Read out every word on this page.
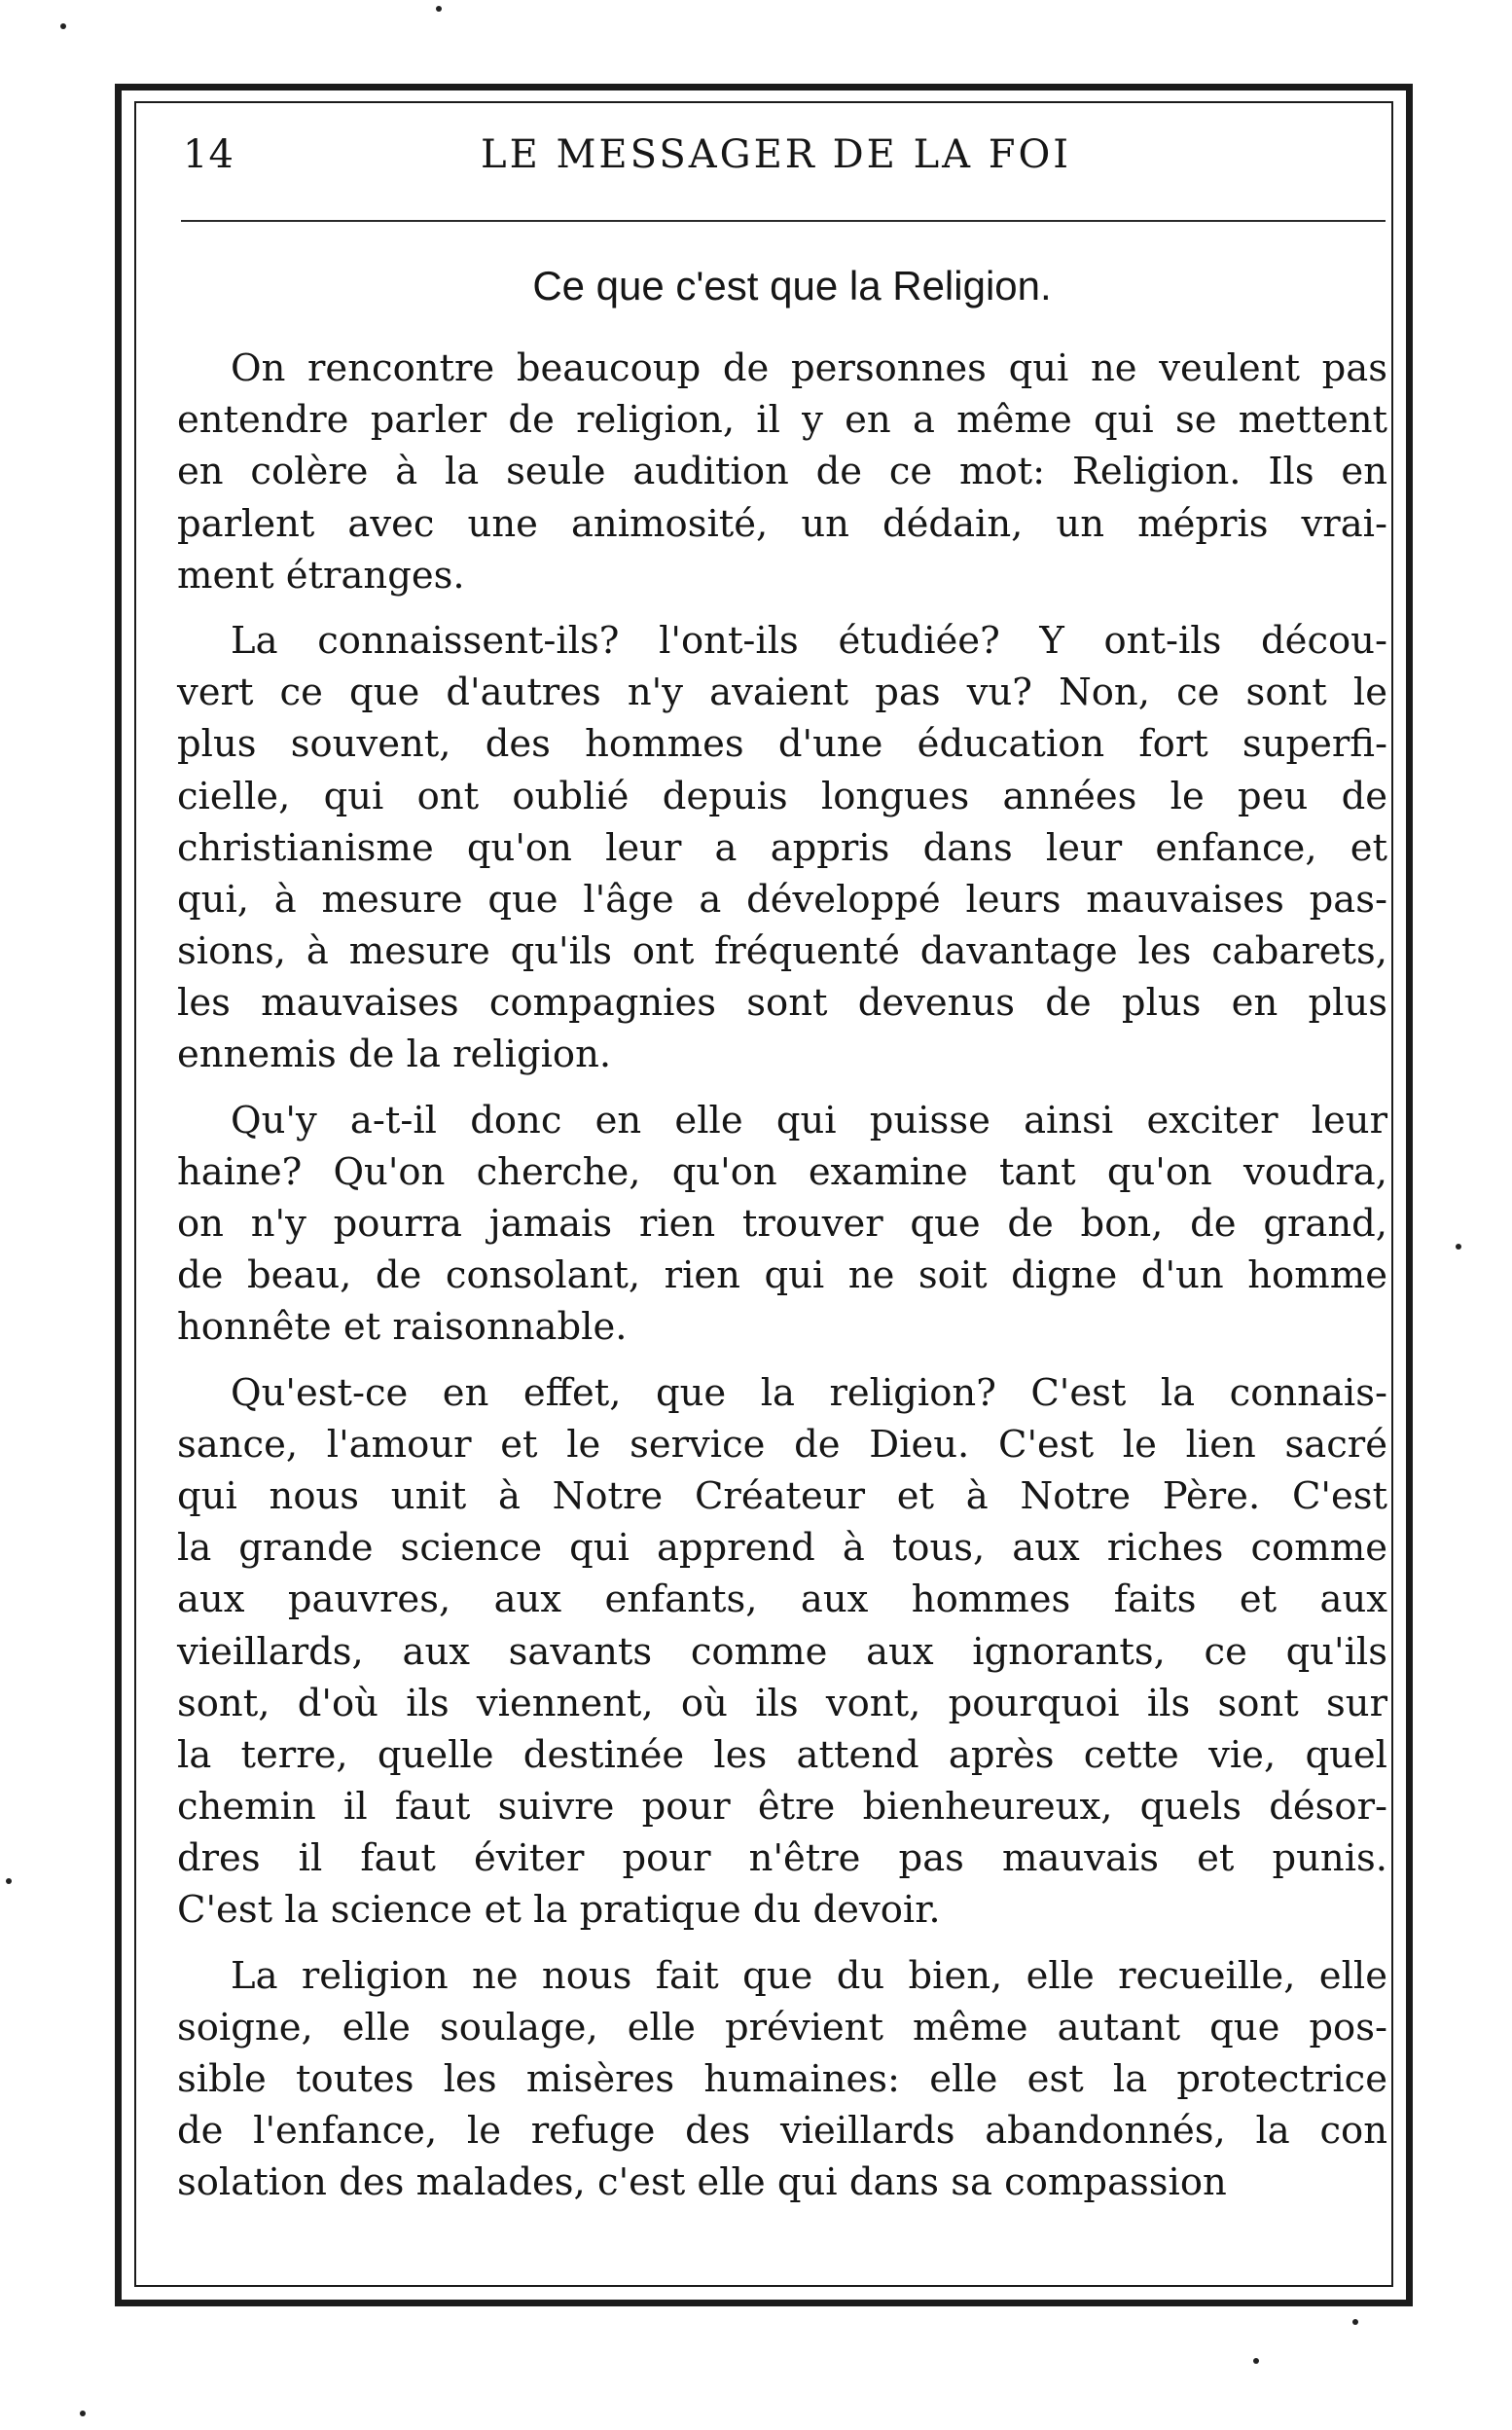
14	LE MESSAGER DE LA FOI
Ce que c'est que la Religion.
On rencontre beaucoup de personnes qui ne veulent pas
entendre parler de religion, il y en a même qui se mettent
en colère à la seule audition de ce mot: Religion. Ils en
parlent avec une animosité, un dédain, un mépris vrai-
ment étranges.
La connaissent-ils? l'ont-ils étudiée? Y ont-ils décou-
vert ce que d'autres n'y avaient pas vu? Non, ce sont le
plus souvent, des hommes d'une éducation fort superfi-
cielle, qui ont oublié depuis longues années le peu de
christianisme qu'on leur a appris dans leur enfance, et
qui, à mesure que l'âge a développé leurs mauvaises pas-
sions, à mesure qu'ils ont fréquenté davantage les cabarets,
les mauvaises compagnies sont devenus de plus en plus
ennemis de la religion.
Qu'y a-t-il donc en elle qui puisse ainsi exciter leur
haine? Qu'on cherche, qu'on examine tant qu'on voudra,
on n'y pourra jamais rien trouver que de bon, de grand,
de beau, de consolant, rien qui ne soit digne d'un homme
honnête et raisonnable.
Qu'est-ce en effet, que la religion? C'est la connais-
sance, l'amour et le service de Dieu. C'est le lien sacré
qui nous unit à Notre Créateur et à Notre Père. C'est
la grande science qui apprend à tous, aux riches comme
aux pauvres, aux enfants, aux hommes faits et aux
vieillards, aux savants comme aux ignorants, ce qu'ils
sont, d'où ils viennent, où ils vont, pourquoi ils sont sur
la terre, quelle destinée les attend après cette vie, quel
chemin il faut suivre pour être bienheureux, quels désor-
dres il faut éviter pour n'être pas mauvais et punis.
C'est la science et la pratique du devoir.
La religion ne nous fait que du bien, elle recueille, elle
soigne, elle soulage, elle prévient même autant que pos-
sible toutes les misères humaines: elle est la protectrice
de l'enfance, le refuge des vieillards abandonnés, la con
solation des malades, c'est elle qui dans sa compassion
